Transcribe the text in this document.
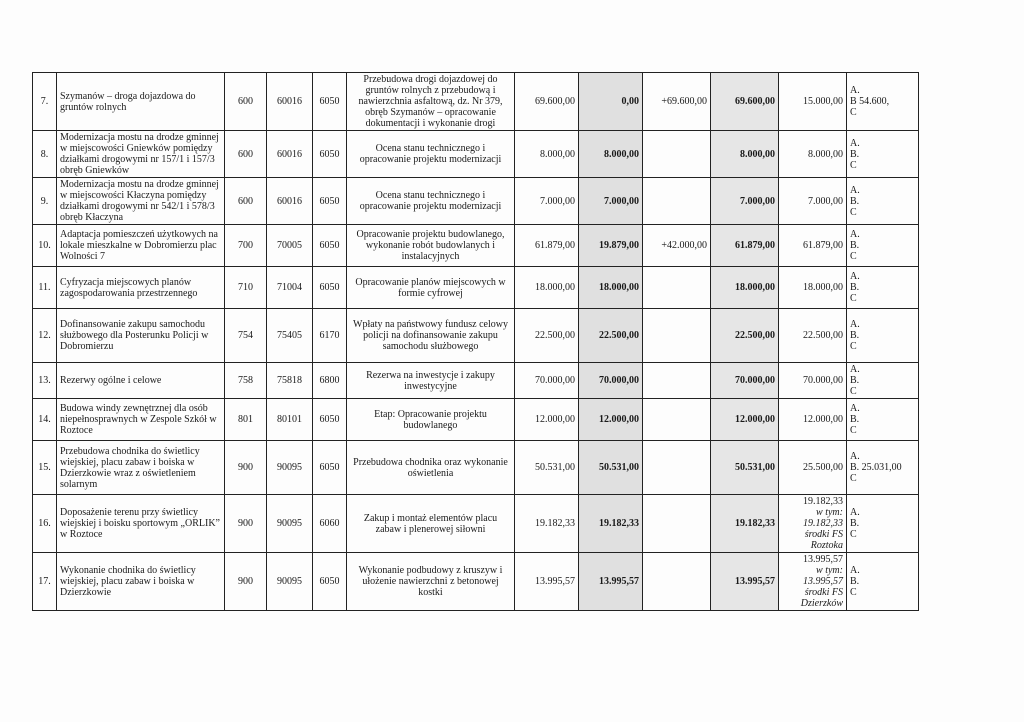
7.	Szymanów – droga dojazdowa do gruntów rolnych	600	60016	6050	Przebudowa drogi dojazdowej do gruntów rolnych z przebudową i nawierzchnia asfaltową, dz. Nr 379, obręb Szymanów – opracowanie dokumentacji i wykonanie drogi	69.600,00	0,00	+69.600,00	69.600,00	15.000,00	A.
B 54.600,
C

8.	Modernizacja mostu na drodze gminnej w miejscowości Gniewków pomiędzy działkami drogowymi nr 157/1 i 157/3 obręb Gniewków	600	60016	6050	Ocena stanu technicznego i opracowanie projektu modernizacji	8.000,00	8.000,00		8.000,00	8.000,00	A.
B.
C

9.	Modernizacja mostu na drodze gminnej w miejscowości Kłaczyna pomiędzy działkami drogowymi nr 542/1 i 578/3 obręb Kłaczyna	600	60016	6050	Ocena stanu technicznego i opracowanie projektu modernizacji	7.000,00	7.000,00		7.000,00	7.000,00	A.
B.
C

10.	Adaptacja pomieszczeń użytkowych na lokale mieszkalne w Dobromierzu plac Wolności 7	700	70005	6050	Opracowanie projektu budowlanego, wykonanie robót budowlanych i instalacyjnych	61.879,00	19.879,00	+42.000,00	61.879,00	61.879,00	A.
B.
C

11.	Cyfryzacja miejscowych planów zagospodarowania przestrzennego	710	71004	6050	Opracowanie planów miejscowych w formie cyfrowej	18.000,00	18.000,00		18.000,00	18.000,00	A.
B.
C

12.	Dofinansowanie zakupu samochodu służbowego dla Posterunku Policji w Dobromierzu	754	75405	6170	Wpłaty na państwowy fundusz celowy policji na dofinansowanie zakupu samochodu służbowego	22.500,00	22.500,00		22.500,00	22.500,00	A.
B.
C

13.	Rezerwy ogólne i celowe	758	75818	6800	Rezerwa na inwestycje i zakupy inwestycyjne	70.000,00	70.000,00		70.000,00	70.000,00	A.
B.
C

14.	Budowa windy zewnętrznej dla osób niepełnosprawnych w Zespole Szkół w Roztoce	801	80101	6050	Etap: Opracowanie projektu budowlanego	12.000,00	12.000,00		12.000,00	12.000,00	A.
B.
C

15.	Przebudowa chodnika do świetlicy wiejskiej, placu zabaw i boiska w Dzierzkowie wraz z oświetleniem solarnym	900	90095	6050	Przebudowa chodnika oraz wykonanie oświetlenia	50.531,00	50.531,00		50.531,00	25.500,00	A.
B. 25.031,00
C

16.	Doposażenie terenu przy świetlicy wiejskiej i boisku sportowym „ORLIK” w Roztoce	900	90095	6060	Zakup i montaż elementów placu zabaw i plenerowej siłowni	19.182,33	19.182,33		19.182,33	19.182,33
w tym:
19.182,33
środki FS Roztoka	A.
B.
C

17.	Wykonanie chodnika do świetlicy wiejskiej, placu zabaw i boiska w Dzierzkowie	900	90095	6050	Wykonanie podbudowy z kruszyw i ułożenie nawierzchni z betonowej kostki	13.995,57	13.995,57		13.995,57	13.995,57
w tym:
13.995,57
środki FS Dzierzków	A.
B.
C
